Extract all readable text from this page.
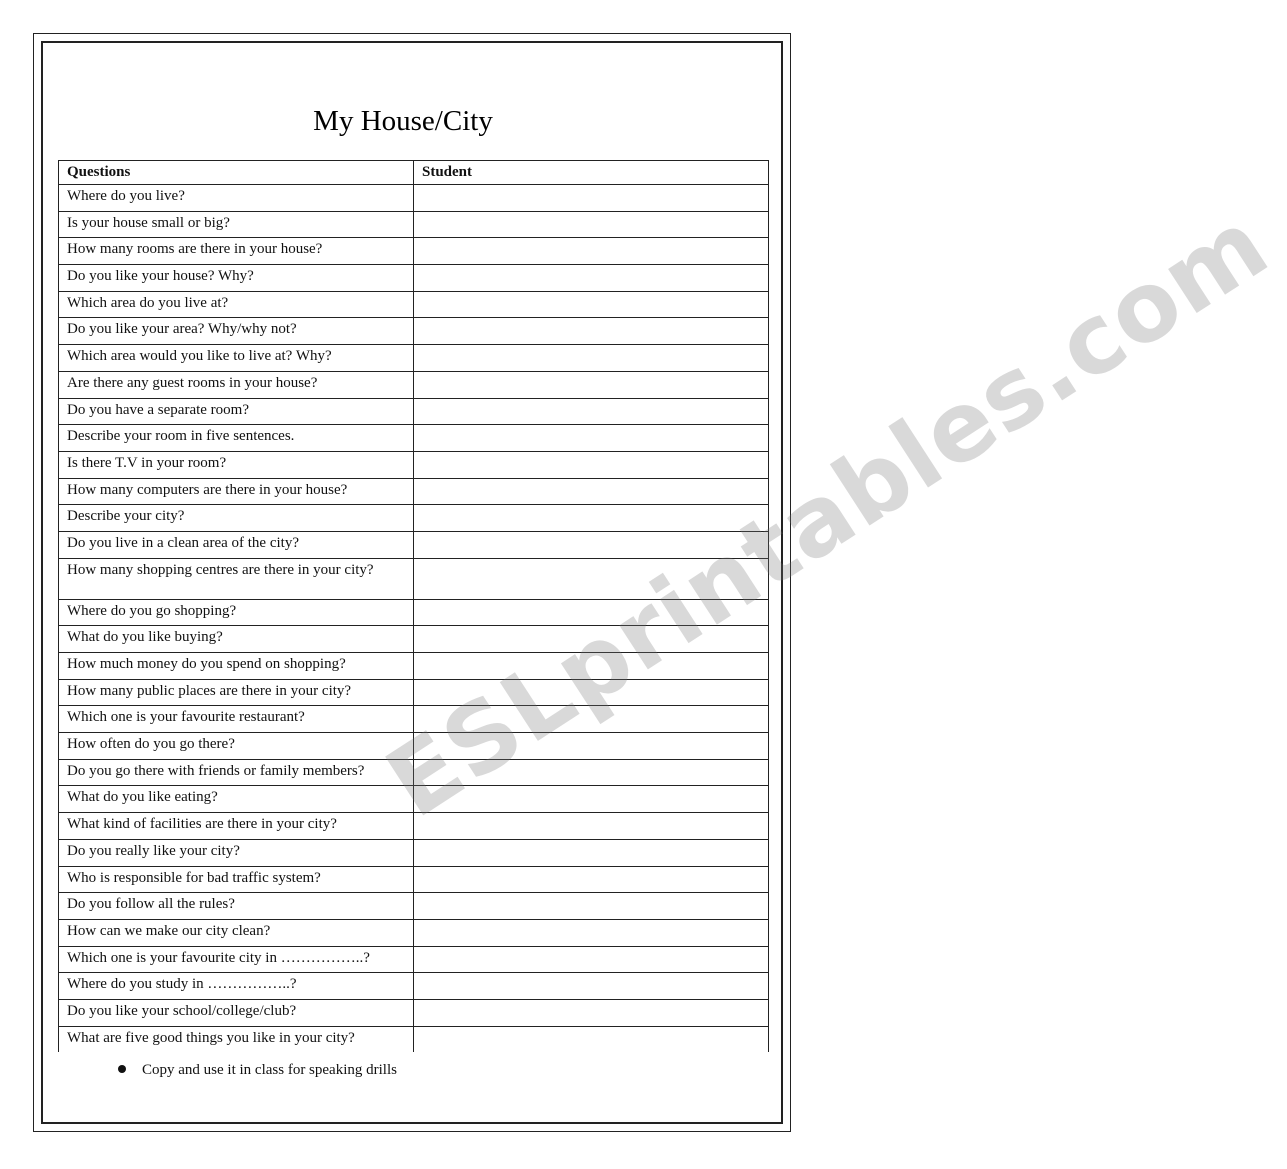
My House/City
Questions	Student
Where do you live?	
Is your house small or big?	
How many rooms are there in your house?	
Do you like your house? Why?	
Which area do you live at?	
Do you like your area? Why/why not?	
Which area would you like to live at? Why?	
Are there any guest rooms in your house?	
Do you have a separate room?	
Describe your room in five sentences.	
Is there T.V in your room?	
How many computers are there in your house?	
Describe your city?	
Do you live in a clean area of the city?	
How many shopping centres are there in your city?	
Where do you go shopping?	
What do you like buying?	
How much money do you spend on shopping?	
How many public places are there in your city?	
Which one is your favourite restaurant?	
How often do you go there?	
Do you go there with friends or family members?	
What do you like eating?	
What kind of facilities are there in your city?	
Do you really like your city?	
Who is responsible for bad traffic system?	
Do you follow all the rules?	
How can we make our city clean?	
Which one is your favourite city in ……………..?	
Where do you study in ……………..?	
Do you like your school/college/club?	
What are five good things you like in your city?	
Copy and use it in class for speaking drills
ESLprintables.com
